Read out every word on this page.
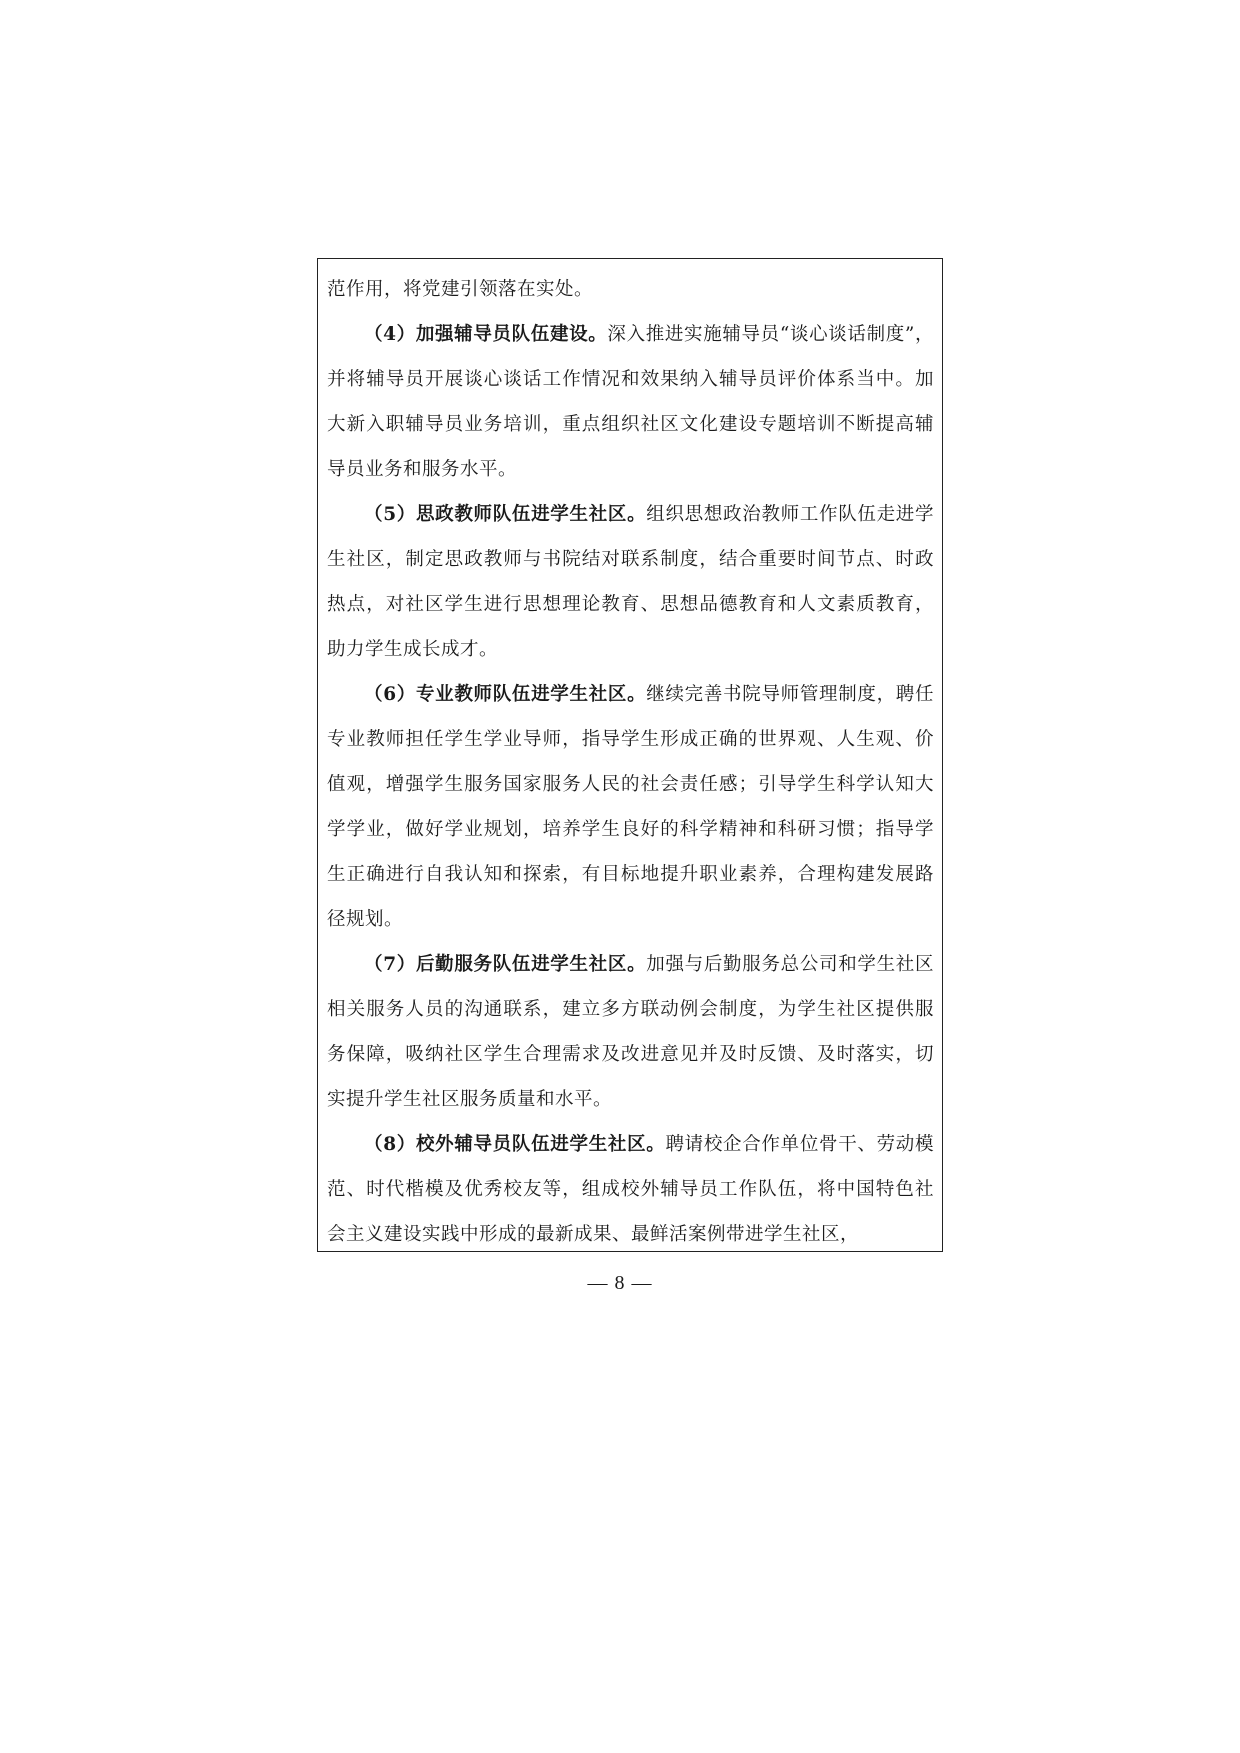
范作用，将党建引领落在实处。

（4）加强辅导员队伍建设。深入推进实施辅导员“谈心谈话制度”，并将辅导员开展谈心谈话工作情况和效果纳入辅导员评价体系当中。加大新入职辅导员业务培训，重点组织社区文化建设专题培训不断提高辅导员业务和服务水平。

（5）思政教师队伍进学生社区。组织思想政治教师工作队伍走进学生社区，制定思政教师与书院结对联系制度，结合重要时间节点、时政热点，对社区学生进行思想理论教育、思想品德教育和人文素质教育，助力学生成长成才。

（6）专业教师队伍进学生社区。继续完善书院导师管理制度，聘任专业教师担任学生学业导师，指导学生形成正确的世界观、人生观、价值观，增强学生服务国家服务人民的社会责任感；引导学生科学认知大学学业，做好学业规划，培养学生良好的科学精神和科研习惯；指导学生正确进行自我认知和探索，有目标地提升职业素养，合理构建发展路径规划。

（7）后勤服务队伍进学生社区。加强与后勤服务总公司和学生社区相关服务人员的沟通联系，建立多方联动例会制度，为学生社区提供服务保障，吸纳社区学生合理需求及改进意见并及时反馈、及时落实，切实提升学生社区服务质量和水平。

（8）校外辅导员队伍进学生社区。聘请校企合作单位骨干、劳动模范、时代楷模及优秀校友等，组成校外辅导员工作队伍，将中国特色社会主义建设实践中形成的最新成果、最鲜活案例带进学生社区，

— 8 —
